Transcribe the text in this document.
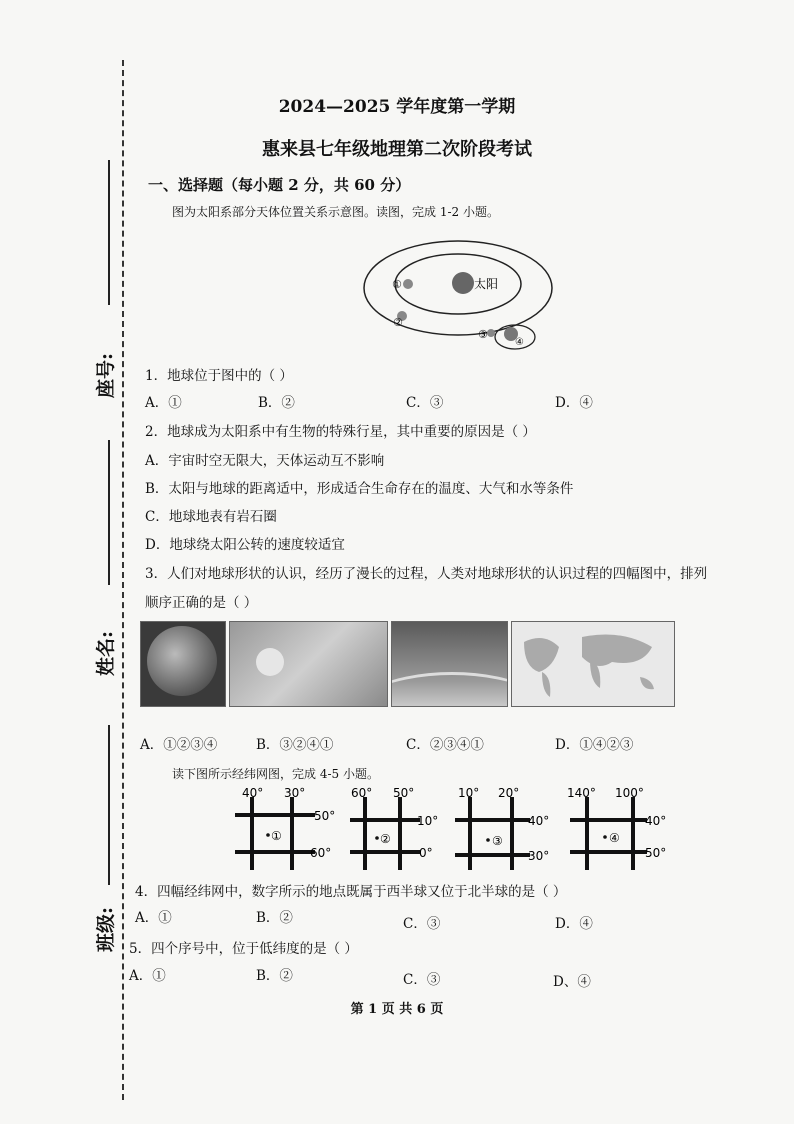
座号:
姓名:
班级:
2024—2025 学年度第一学期
惠来县七年级地理第二次阶段考试
一、选择题（每小题 2 分，共 60 分）
图为太阳系部分天体位置关系示意图。读图，完成 1-2 小题。
太阳
①
②
③
④
1．地球位于图中的（ ）
A．①	B．②	C．③	D．④
2．地球成为太阳系中有生物的特殊行星，其中重要的原因是（ ）
A．宇宙时空无限大，天体运动互不影响
B．太阳与地球的距离适中，形成适合生命存在的温度、大气和水等条件
C．地球地表有岩石圈
D．地球绕太阳公转的速度较适宜
3．人们对地球形状的认识，经历了漫长的过程，人类对地球形状的认识过程的四幅图中，排列
顺序正确的是（ ）
A．①②③④	B．③②④①	C．②③④①	D．①④②③
读下图所示经纬网图，完成 4-5 小题。
40° 30°
50°
60°
①
60° 50°
10°
0°
②
10° 20°
40°
30°
③
140° 100°
40°
50°
④
4．四幅经纬网中，数字所示的地点既属于西半球又位于北半球的是（ ）
A．①	B．②	C．③	D．④
5．四个序号中，位于低纬度的是（ ）
A．①	B．②	C．③	D、④
第 1 页 共 6 页
